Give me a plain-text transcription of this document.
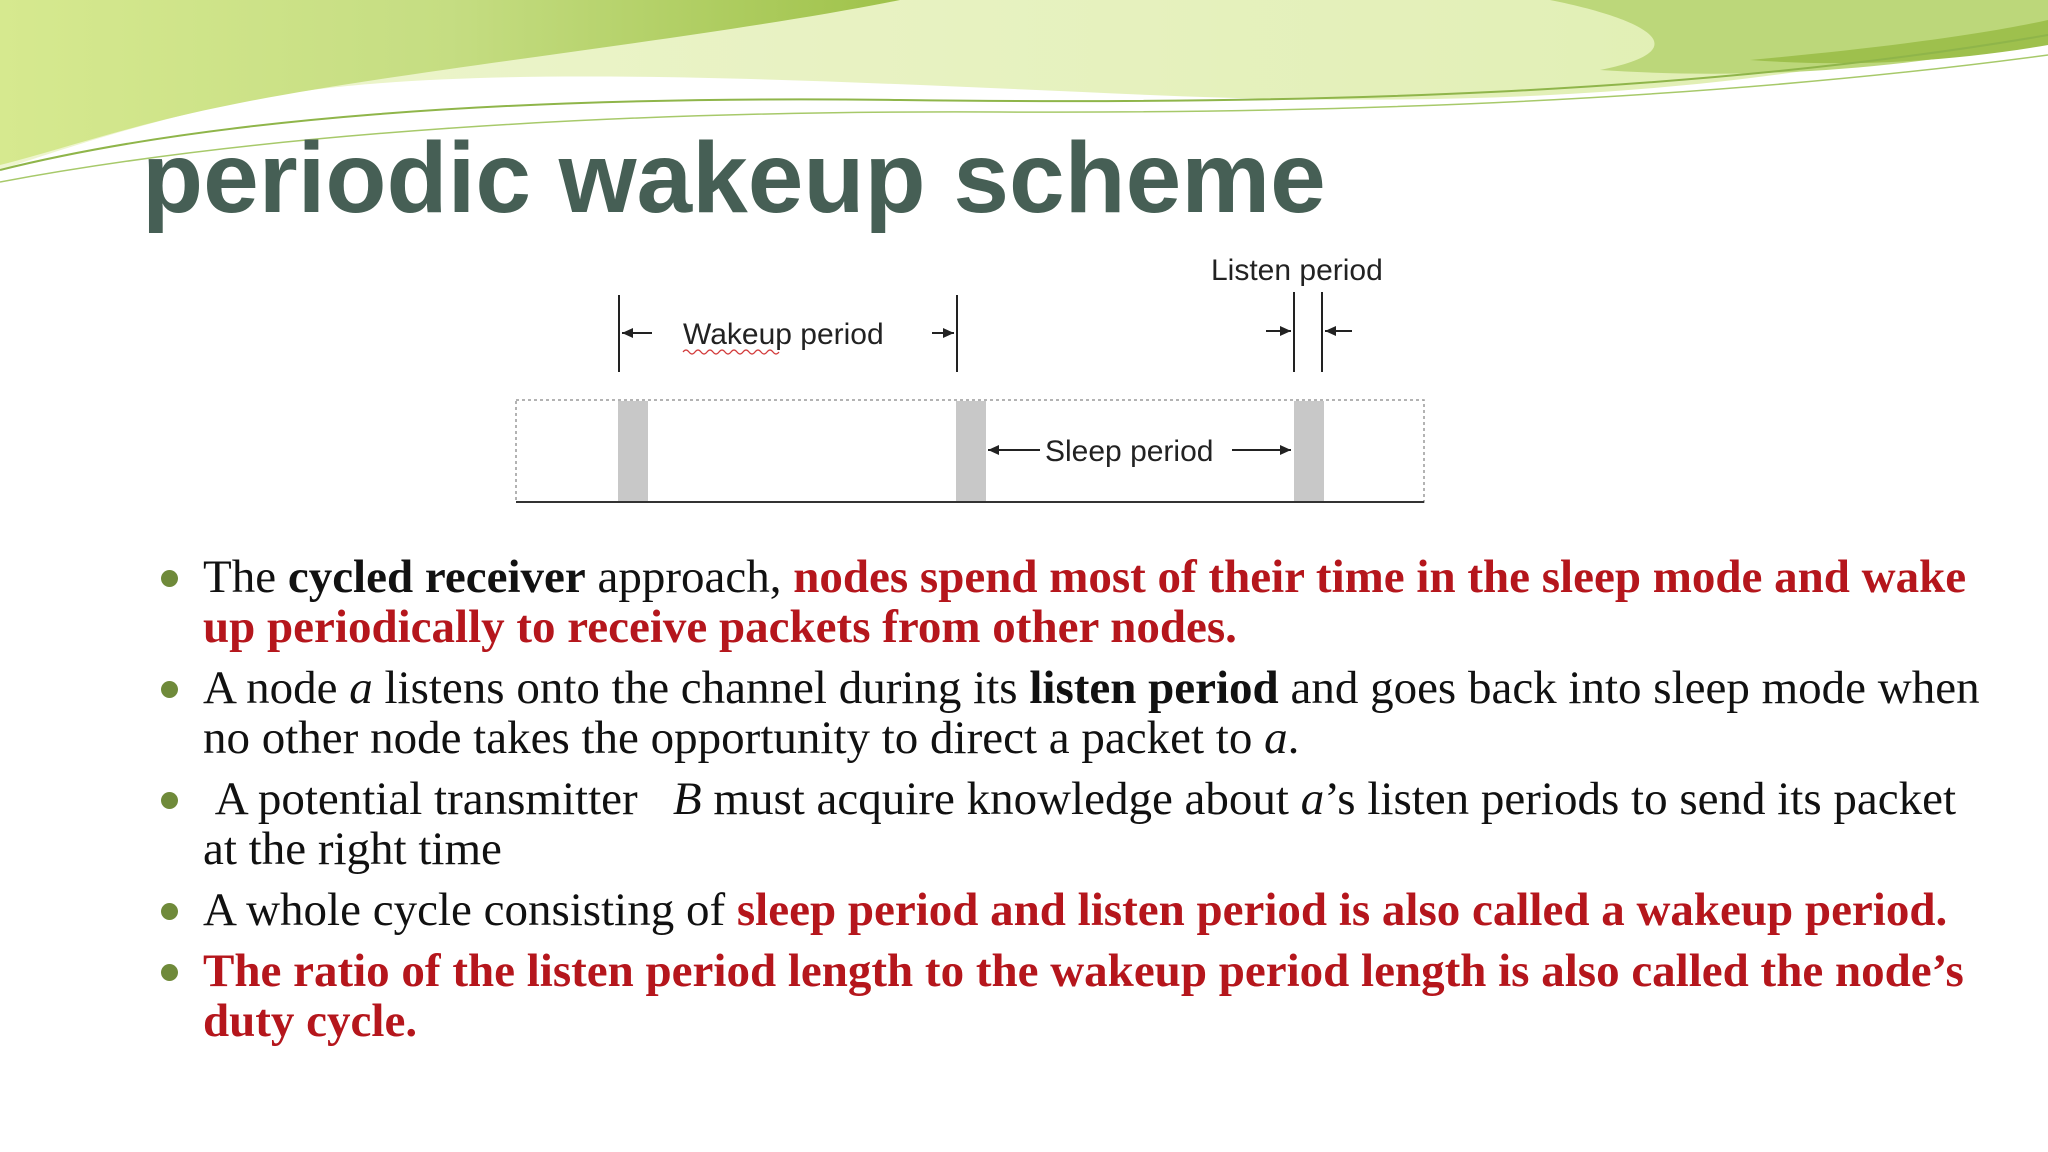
periodic wakeup scheme
Wakeup period
Listen period
Sleep period
The cycled receiver approach, nodes spend most of their time in the sleep mode and wake up periodically to receive packets from other nodes.
A node a listens onto the channel during its listen period and goes back into sleep mode when no other node takes the opportunity to direct a packet to a.
A potential transmitter   B must acquire knowledge about a’s listen periods to send its packet at the right time
A whole cycle consisting of sleep period and listen period is also called a wakeup period.
The ratio of the listen period length to the wakeup period length is also called the node’s duty cycle.
